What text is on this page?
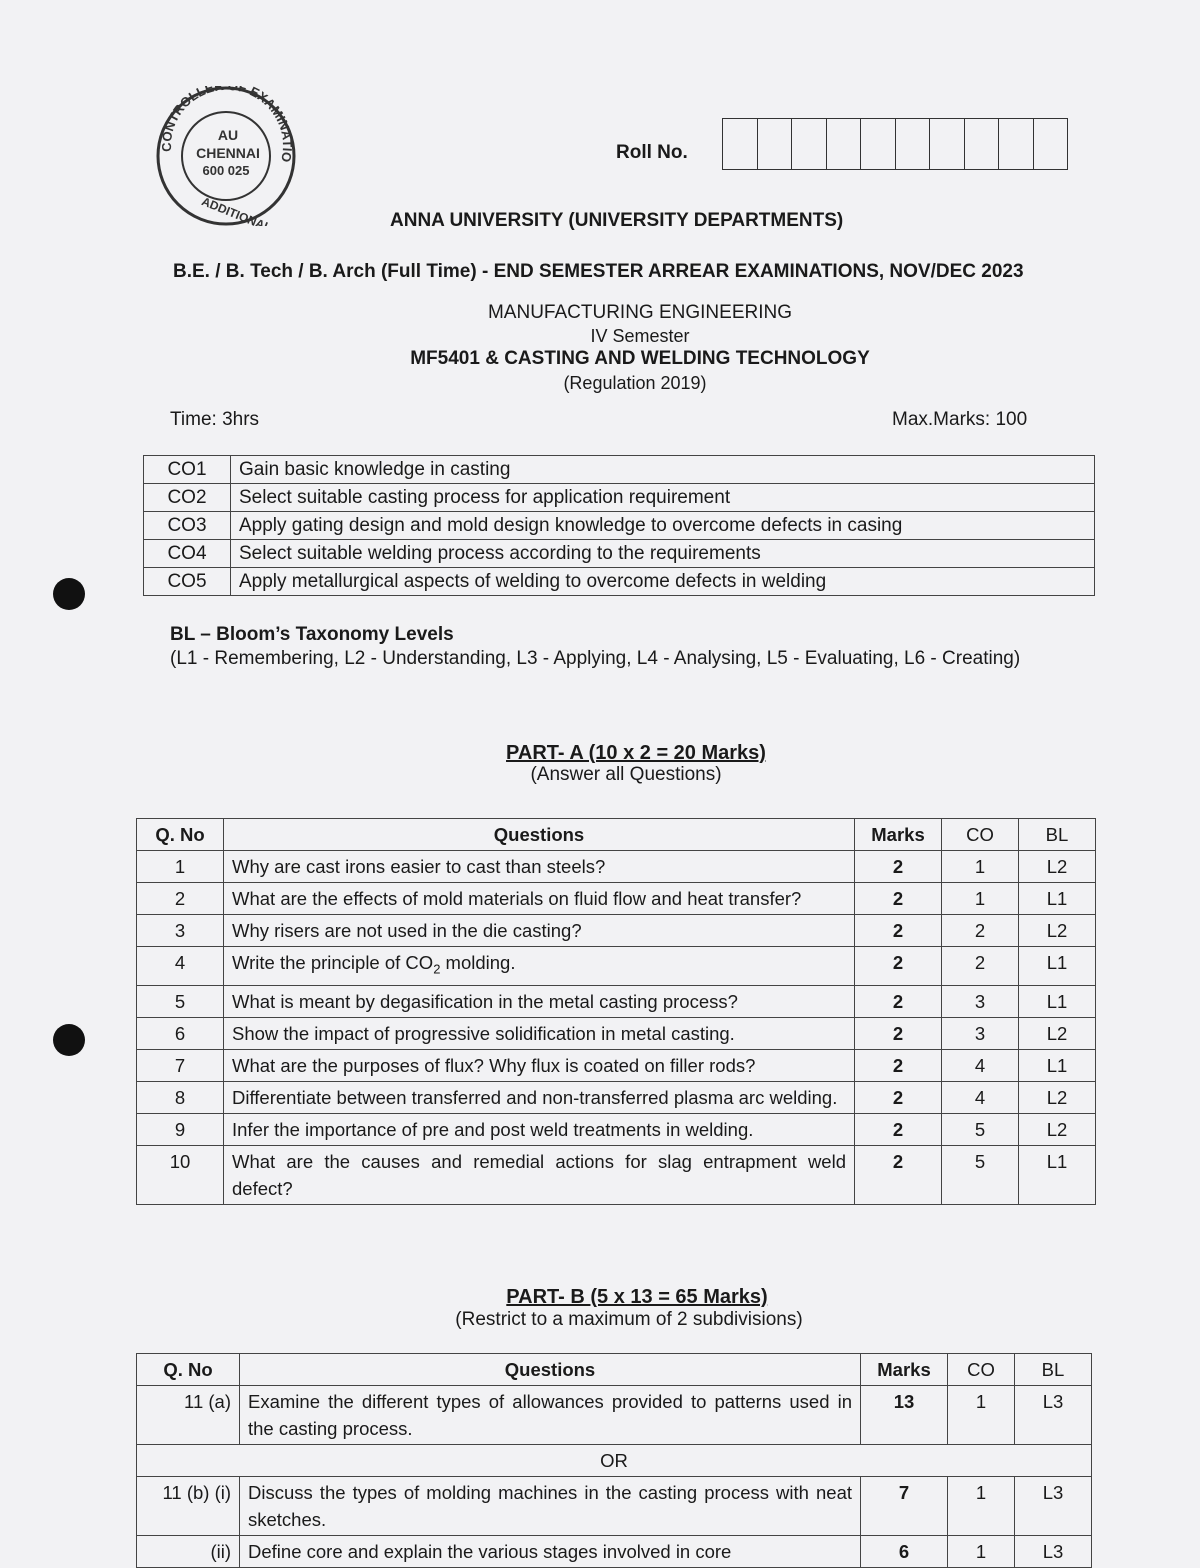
CONTROLLE F EXAMINATIO
AU
CHENNAI
600 025
ADDITIONAL
Roll No.
ANNA UNIVERSITY (UNIVERSITY DEPARTMENTS)
B.E. / B. Tech / B. Arch (Full Time) - END SEMESTER ARREAR EXAMINATIONS, NOV/DEC 2023
MANUFACTURING ENGINEERING
IV Semester
MF5401 & CASTING AND WELDING TECHNOLOGY
(Regulation 2019)
Time: 3hrs	Max.Marks: 100
CO1	Gain basic knowledge in casting
CO2	Select suitable casting process for application requirement
CO3	Apply gating design and mold design knowledge to overcome defects in casing
CO4	Select suitable welding process according to the requirements
CO5	Apply metallurgical aspects of welding to overcome defects in welding
BL – Bloom’s Taxonomy Levels
(L1 - Remembering, L2 - Understanding, L3 - Applying, L4 - Analysing, L5 - Evaluating, L6 - Creating)
PART- A (10 x 2 = 20 Marks)
(Answer all Questions)
Q. No	Questions	Marks	CO	BL
1	Why are cast irons easier to cast than steels?	2	1	L2
2	What are the effects of mold materials on fluid flow and heat transfer?	2	1	L1
3	Why risers are not used in the die casting?	2	2	L2
4	Write the principle of $CO_2$ molding.	2	2	L1
5	What is meant by degasification in the metal casting process?	2	3	L1
6	Show the impact of progressive solidification in metal casting.	2	3	L2
7	What are the purposes of flux? Why flux is coated on filler rods?	2	4	L1
8	Differentiate between transferred and non-transferred plasma arc welding.	2	4	L2
9	Infer the importance of pre and post weld treatments in welding.	2	5	L2
10	What are the causes and remedial actions for slag entrapment weld defect?	2	5	L1
PART- B (5 x 13 = 65 Marks)
(Restrict to a maximum of 2 subdivisions)
Q. No	Questions	Marks	CO	BL
11 (a)	Examine the different types of allowances provided to patterns used in the casting process.	13	1	L3
OR				
11 (b) (i)	Discuss the types of molding machines in the casting process with neat sketches.	7	1	L3
(ii)	Define core and explain the various stages involved in core	6	1	L3
